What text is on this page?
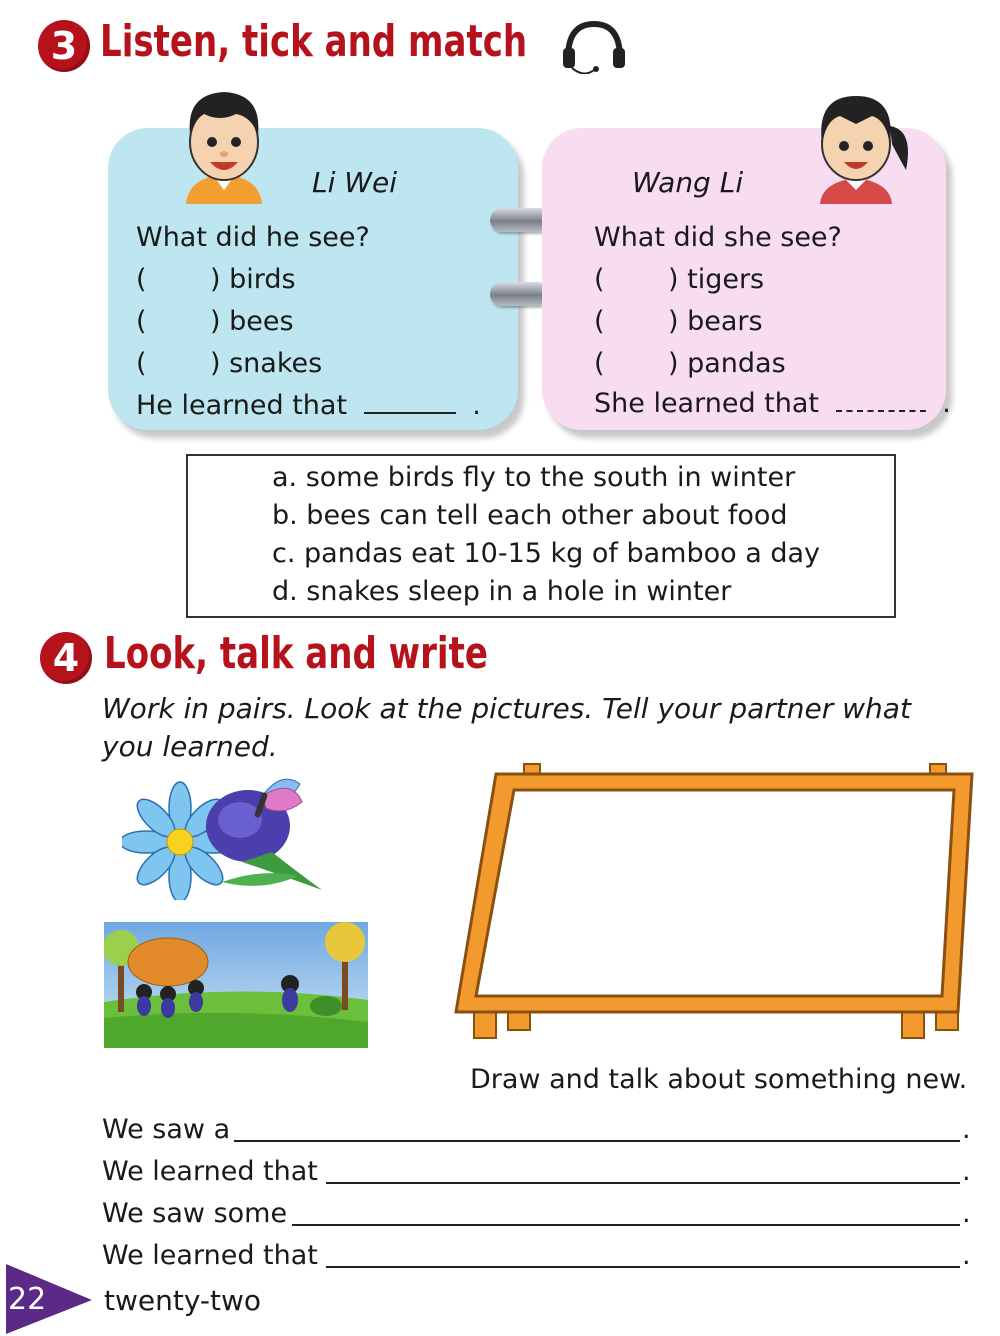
3 Listen, tick and match
Li Wei
What did he see?
( ) birds
( ) bees
( ) snakes
He learned that	.
Wang Li
What did she see?
( ) tigers
( ) bears
( ) pandas
She learned that	.
a. some birds fly to the south in winter
b. bees can tell each other about food
c. pandas eat 10-15 kg of bamboo a day
d. snakes sleep in a hole in winter
4 Look, talk and write
Work in pairs. Look at the pictures. Tell your partner what you learned.
Draw and talk about something new.
We saw a	.
We learned that	.
We saw some	.
We learned that	.
22 twenty-two
